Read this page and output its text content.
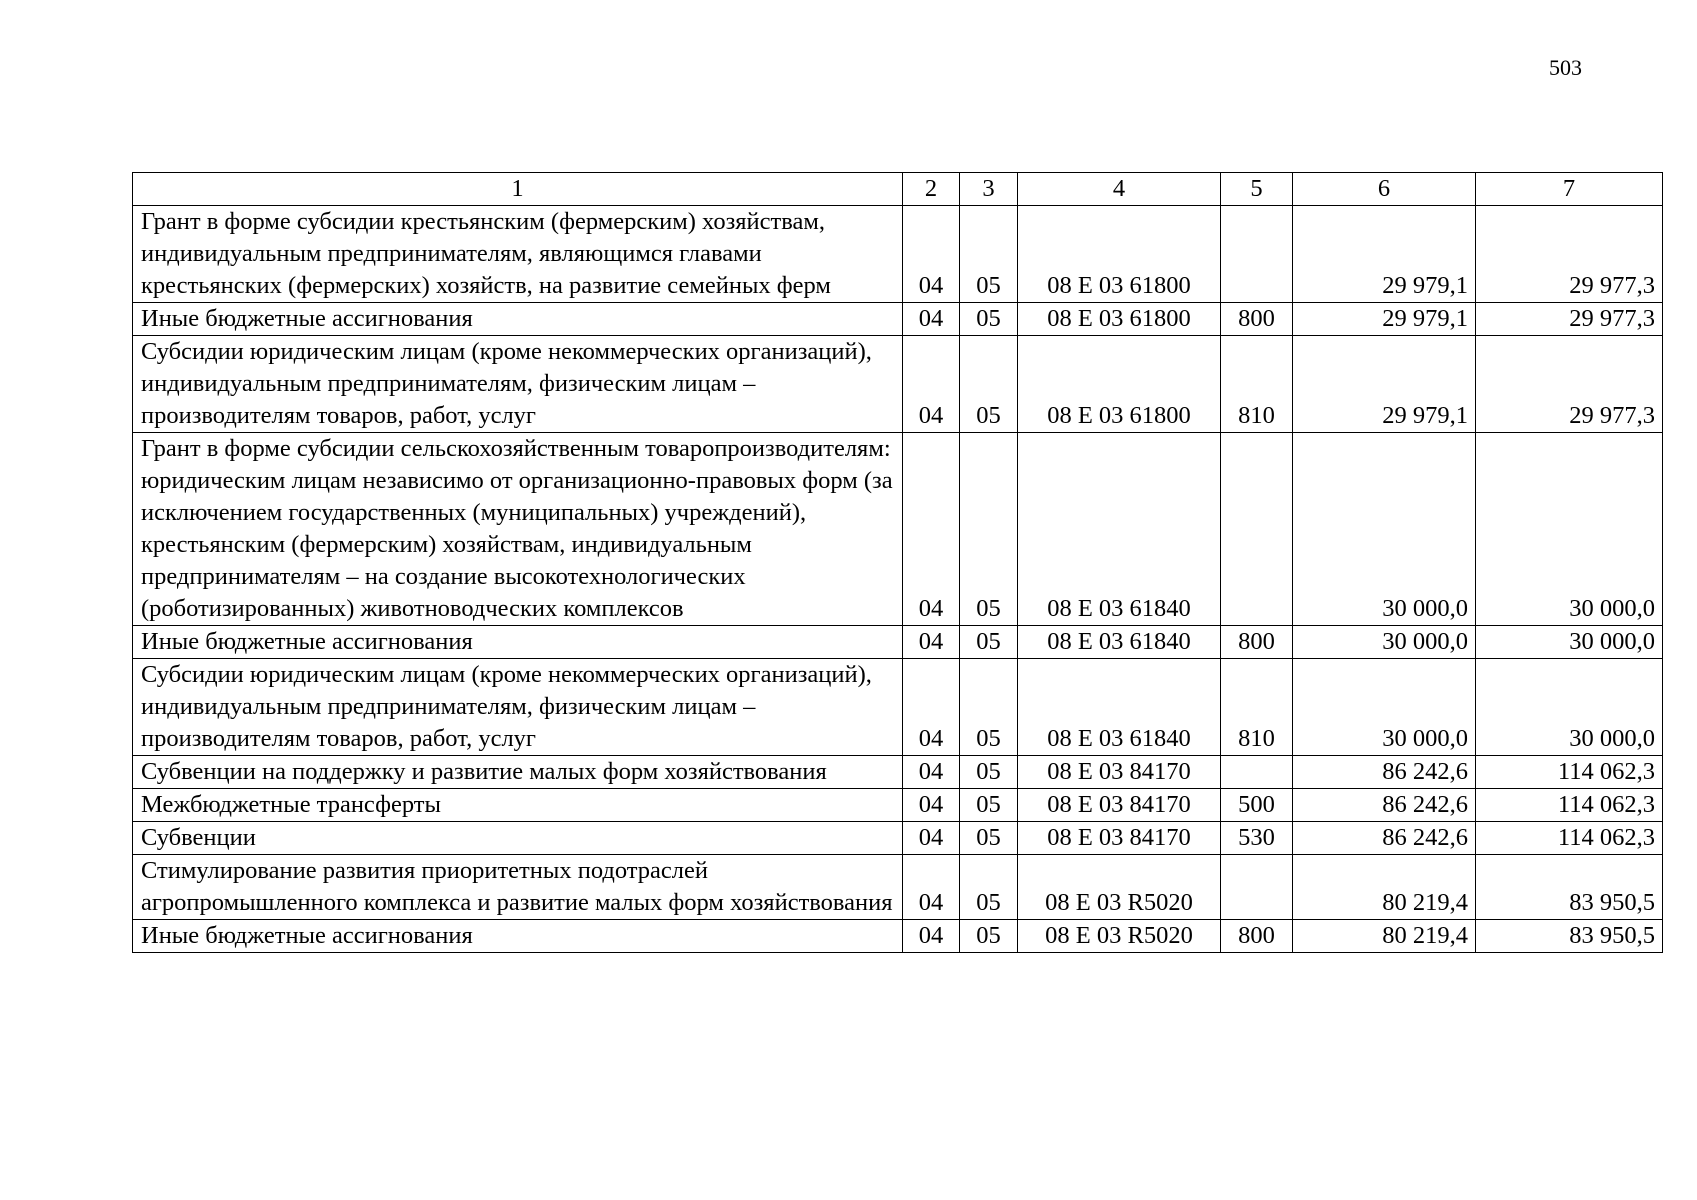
503
1	2	3	4	5	6	7
Грант в форме субсидии крестьянским (фермерским) хозяйствам, индивидуальным предпринимателям, являющимся главами крестьянских (фермерских) хозяйств, на развитие семейных ферм	04	05	08 Е 03 61800		29 979,1	29 977,3
Иные бюджетные ассигнования	04	05	08 Е 03 61800	800	29 979,1	29 977,3
Субсидии юридическим лицам (кроме некоммерческих организаций), индивидуальным предпринимателям, физическим лицам – производителям товаров, работ, услуг	04	05	08 Е 03 61800	810	29 979,1	29 977,3
Грант в форме субсидии сельскохозяйственным товаропроизводителям: юридическим лицам независимо от организационно-правовых форм (за исключением государственных (муниципальных) учреждений), крестьянским (фермерским) хозяйствам, индивидуальным предпринимателям – на создание высокотехнологических (роботизированных) животноводческих комплексов	04	05	08 Е 03 61840		30 000,0	30 000,0
Иные бюджетные ассигнования	04	05	08 Е 03 61840	800	30 000,0	30 000,0
Субсидии юридическим лицам (кроме некоммерческих организаций), индивидуальным предпринимателям, физическим лицам – производителям товаров, работ, услуг	04	05	08 Е 03 61840	810	30 000,0	30 000,0
Субвенции на поддержку и развитие малых форм хозяйствования	04	05	08 Е 03 84170		86 242,6	114 062,3
Межбюджетные трансферты	04	05	08 Е 03 84170	500	86 242,6	114 062,3
Субвенции	04	05	08 Е 03 84170	530	86 242,6	114 062,3
Стимулирование развития приоритетных подотраслей агропромышленного комплекса и развитие малых форм хозяйствования	04	05	08 Е 03 R5020		80 219,4	83 950,5
Иные бюджетные ассигнования	04	05	08 Е 03 R5020	800	80 219,4	83 950,5
